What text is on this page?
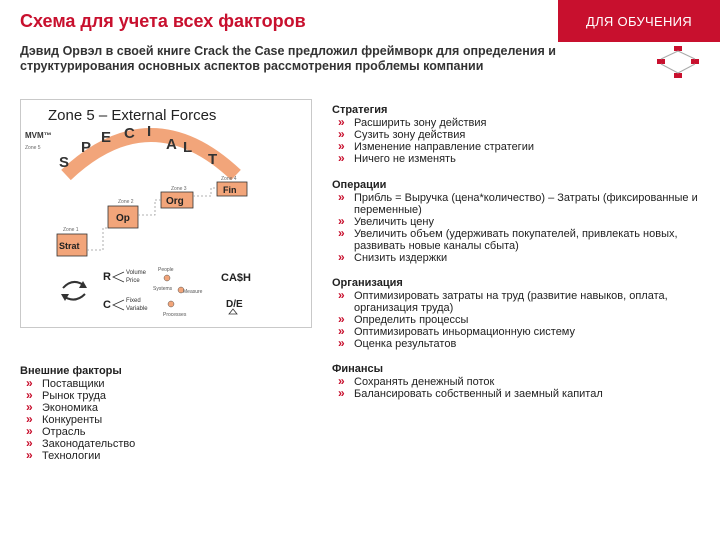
Схема для учета всех факторов	ДЛЯ ОБУЧЕНИЯ
Дэвид Орвэл в своей книге Crack the Case предложил фреймворк для определения и структурирования основных аспектов рассмотрения проблемы компании
Zone 5 – External Forces
S
P
E C I
A L
T
MVM™
Zone 5
Zone 4
Fin
Zone 3
Org
Zone 2
Op
Zone 1
Strat
R	Volume
Price
C	Fixed
Variable
People
Systems Measure
Processes
CA$H
D/E
Внешние факторы
» Поставщики
» Рынок труда
» Экономика
» Конкуренты
» Отрасль
» Законодательство
» Технологии
Стратегия
» Расширить зону действия
» Сузить зону действия
» Изменение направление стратегии
» Ничего не изменять
Операции
» Прибль = Выручка (цена*количество) – Затраты (фиксированные и переменные)
» Увеличить цену
» Увеличить объем (удерживать покупателей, привлекать новых, развивать новые каналы сбыта)
» Снизить издержки
Организация
» Оптимизировать затраты на труд (развитие навыков, оплата, организация труда)
» Определить процессы
» Оптимизировать иньормационную систему
» Оценка результатов
Финансы
» Сохранять денежный поток
» Балансировать собственный и заемный капитал
